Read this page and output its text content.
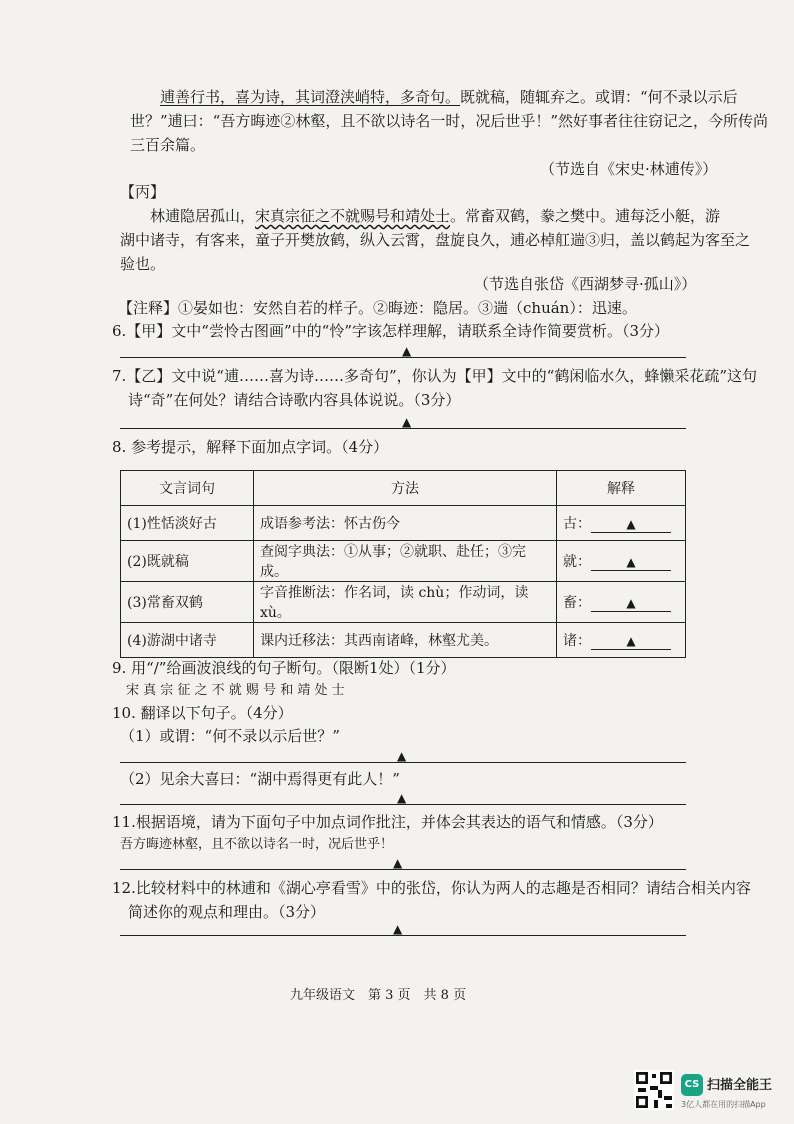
逋善行书，喜为诗，其词澄浃峭特，多奇句。既就稿，随辄弃之。或谓：“何不录以示后
世？”逋曰：“吾方晦迹②林壑，且不欲以诗名一时，况后世乎！”然好事者往往窃记之，今所传尚
三百余篇。
（节选自《宋史·林逋传》）
【丙】
林逋隐居孤山，宋真宗征之不就赐号和靖处士。常畜双鹤，豢之樊中。逋每泛小艇，游
湖中诸寺，有客来，童子开樊放鹤，纵入云霄，盘旋良久，逋必棹舡遄③归，盖以鹤起为客至之
验也。
（节选自张岱《西湖梦寻·孤山》）
【注释】①晏如也：安然自若的样子。②晦迹：隐居。③遄（chuán）：迅速。
6.【甲】文中“尝怜古图画”中的“怜”字该怎样理解，请联系全诗作简要赏析。（3分）
▲
7.【乙】文中说“逋……喜为诗……多奇句”，你认为【甲】文中的“鹤闲临水久，蜂懒采花疏”这句
诗“奇”在何处？请结合诗歌内容具体说说。（3分）
▲
8. 参考提示，解释下面加点字词。（4分）
文言词句	方法	解释
(1)性恬淡好古	成语参考法：怀古伤今	古： ▲
(2)既就稿	查阅字典法：①从事；②就职、赴任；③完成。	就： ▲
(3)常畜双鹤	字音推断法：作名词，读 chù；作动词，读 xù。	畜： ▲
(4)游湖中诸寺	课内迁移法：其西南诸峰，林壑尤美。	诸： ▲
9. 用“/”给画波浪线的句子断句。（限断1处）（1分）
宋 真 宗 征 之 不 就 赐 号 和 靖 处 士
10. 翻译以下句子。（4分）
（1）或谓：“何不录以示后世？”
▲
（2）见余大喜曰：“湖中焉得更有此人！”
▲
11.根据语境，请为下面句子中加点词作批注，并体会其表达的语气和情感。（3分）
吾方晦迹林壑，且不欲以诗名一时，况后世乎！
▲
12.比较材料中的林逋和《湖心亭看雪》中的张岱，你认为两人的志趣是否相同？请结合相关内容
简述你的观点和理由。（3分）
▲
九年级语文　第 3 页　共 8 页
CS 扫描全能王
3亿人都在用的扫描App
